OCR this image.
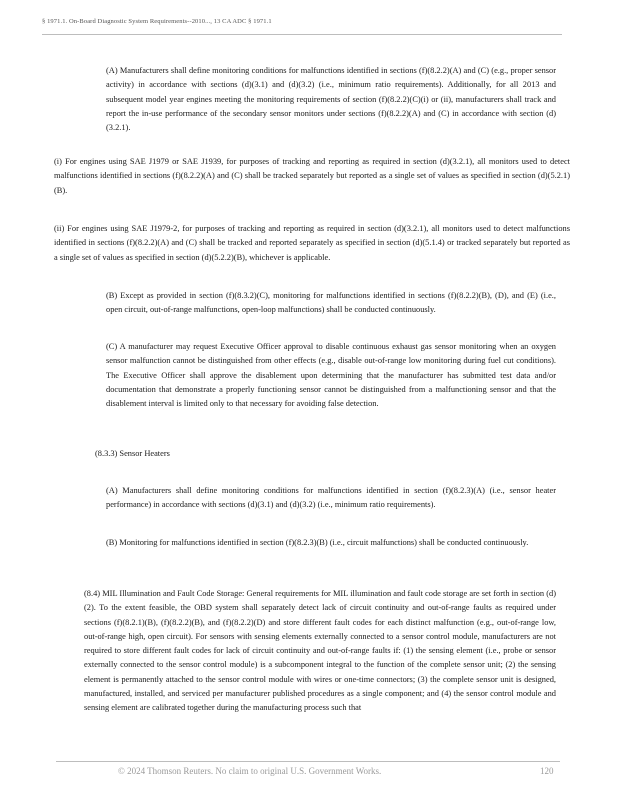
§ 1971.1. On-Board Diagnostic System Requirements--2010..., 13 CA ADC § 1971.1
(A) Manufacturers shall define monitoring conditions for malfunctions identified in sections (f)(8.2.2)(A) and (C) (e.g., proper sensor activity) in accordance with sections (d)(3.1) and (d)(3.2) (i.e., minimum ratio requirements). Additionally, for all 2013 and subsequent model year engines meeting the monitoring requirements of section (f)(8.2.2)(C)(i) or (ii), manufacturers shall track and report the in-use performance of the secondary sensor monitors under sections (f)(8.2.2)(A) and (C) in accordance with section (d)(3.2.1).
(i) For engines using SAE J1979 or SAE J1939, for purposes of tracking and reporting as required in section (d)(3.2.1), all monitors used to detect malfunctions identified in sections (f)(8.2.2)(A) and (C) shall be tracked separately but reported as a single set of values as specified in section (d)(5.2.1)(B).
(ii) For engines using SAE J1979-2, for purposes of tracking and reporting as required in section (d)(3.2.1), all monitors used to detect malfunctions identified in sections (f)(8.2.2)(A) and (C) shall be tracked and reported separately as specified in section (d)(5.1.4) or tracked separately but reported as a single set of values as specified in section (d)(5.2.2)(B), whichever is applicable.
(B) Except as provided in section (f)(8.3.2)(C), monitoring for malfunctions identified in sections (f)(8.2.2)(B), (D), and (E) (i.e., open circuit, out-of-range malfunctions, open-loop malfunctions) shall be conducted continuously.
(C) A manufacturer may request Executive Officer approval to disable continuous exhaust gas sensor monitoring when an oxygen sensor malfunction cannot be distinguished from other effects (e.g., disable out-of-range low monitoring during fuel cut conditions). The Executive Officer shall approve the disablement upon determining that the manufacturer has submitted test data and/or documentation that demonstrate a properly functioning sensor cannot be distinguished from a malfunctioning sensor and that the disablement interval is limited only to that necessary for avoiding false detection.
(8.3.3) Sensor Heaters
(A) Manufacturers shall define monitoring conditions for malfunctions identified in section (f)(8.2.3)(A) (i.e., sensor heater performance) in accordance with sections (d)(3.1) and (d)(3.2) (i.e., minimum ratio requirements).
(B) Monitoring for malfunctions identified in section (f)(8.2.3)(B) (i.e., circuit malfunctions) shall be conducted continuously.
(8.4) MIL Illumination and Fault Code Storage: General requirements for MIL illumination and fault code storage are set forth in section (d)(2). To the extent feasible, the OBD system shall separately detect lack of circuit continuity and out-of-range faults as required under sections (f)(8.2.1)(B), (f)(8.2.2)(B), and (f)(8.2.2)(D) and store different fault codes for each distinct malfunction (e.g., out-of-range low, out-of-range high, open circuit). For sensors with sensing elements externally connected to a sensor control module, manufacturers are not required to store different fault codes for lack of circuit continuity and out-of-range faults if: (1) the sensing element (i.e., probe or sensor externally connected to the sensor control module) is a subcomponent integral to the function of the complete sensor unit; (2) the sensing element is permanently attached to the sensor control module with wires or one-time connectors; (3) the complete sensor unit is designed, manufactured, installed, and serviced per manufacturer published procedures as a single component; and (4) the sensor control module and sensing element are calibrated together during the manufacturing process such that
© 2024 Thomson Reuters. No claim to original U.S. Government Works.	120
